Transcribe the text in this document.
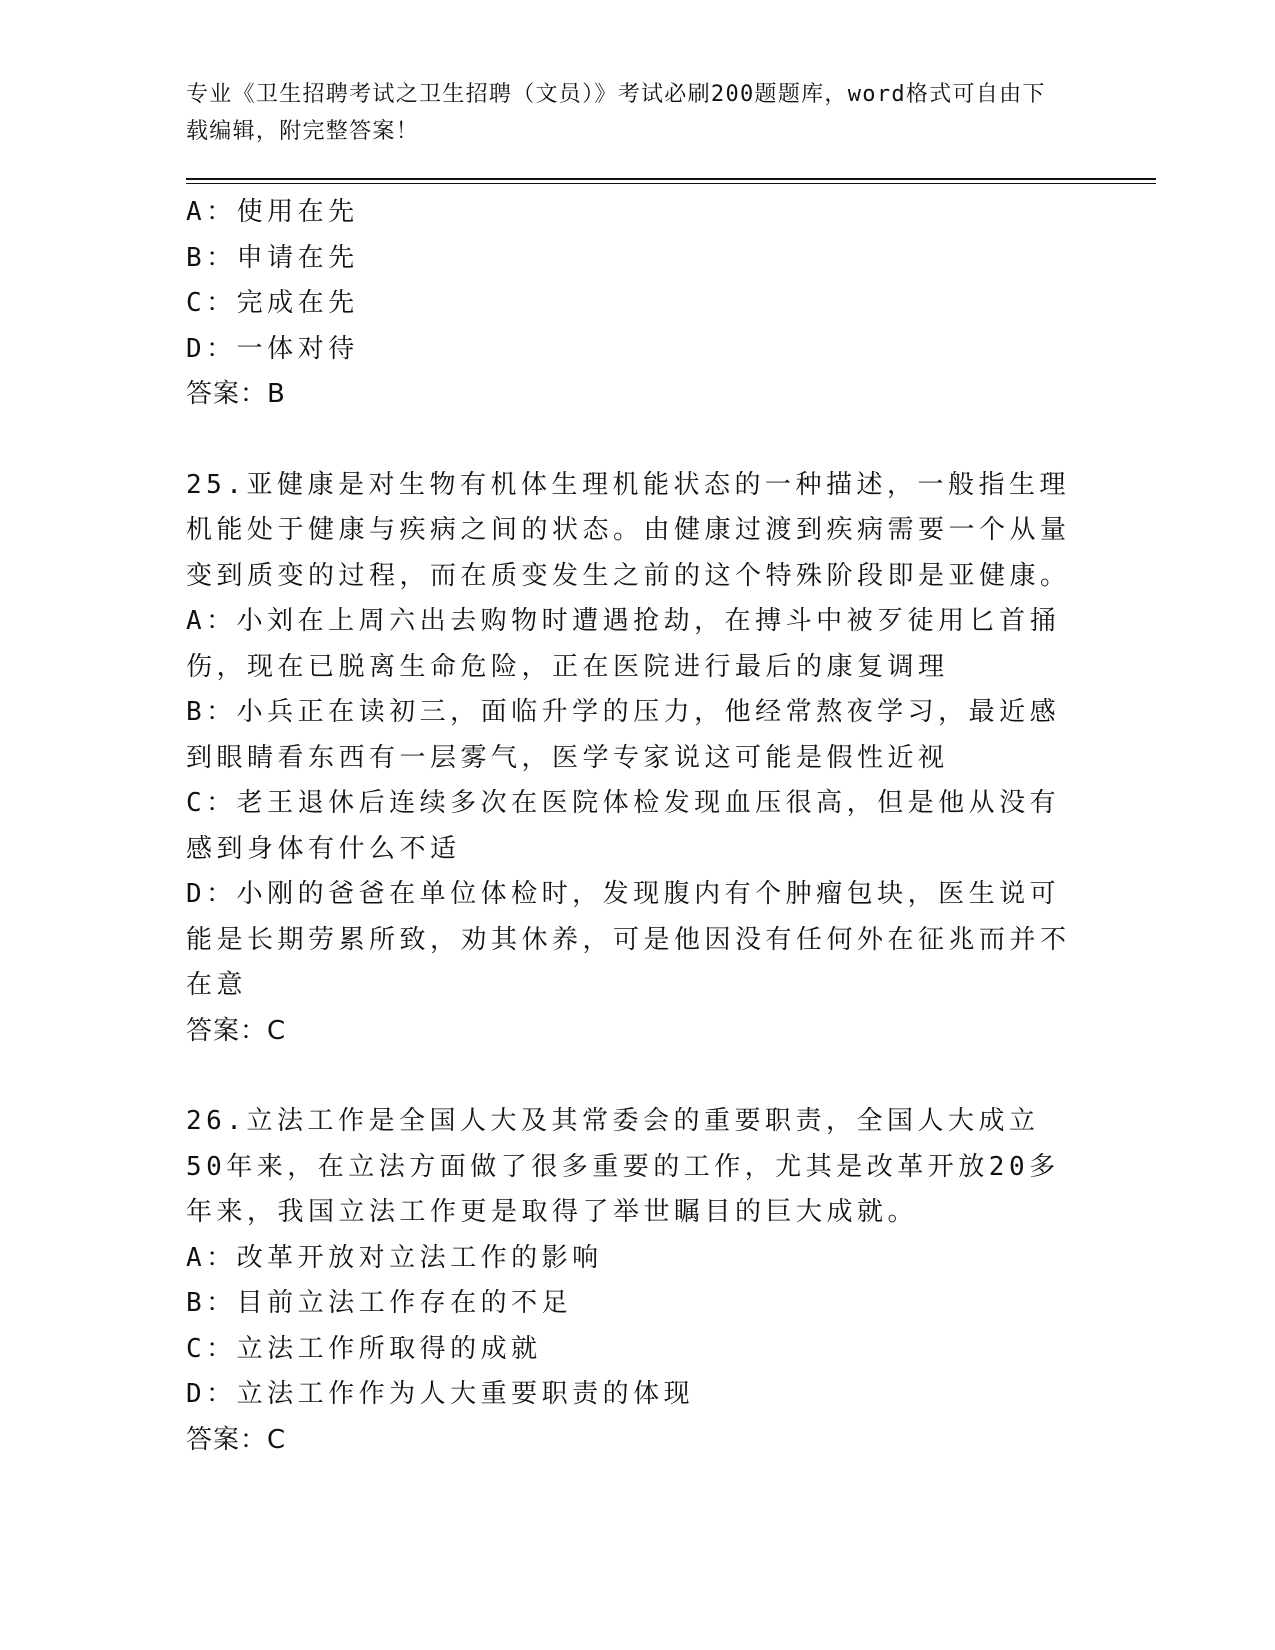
专业《卫生招聘考试之卫生招聘（文员）》考试必刷200题题库，word格式可自由下载编辑，附完整答案！
A：使用在先
B：申请在先
C：完成在先
D：一体对待
答案：B
25.亚健康是对生物有机体生理机能状态的一种描述，一般指生理机能处于健康与疾病之间的状态。由健康过渡到疾病需要一个从量变到质变的过程，而在质变发生之前的这个特殊阶段即是亚健康。
A：小刘在上周六出去购物时遭遇抢劫，在搏斗中被歹徒用匕首捅伤，现在已脱离生命危险，正在医院进行最后的康复调理
B：小兵正在读初三，面临升学的压力，他经常熬夜学习，最近感到眼睛看东西有一层雾气，医学专家说这可能是假性近视
C：老王退休后连续多次在医院体检发现血压很高，但是他从没有感到身体有什么不适
D：小刚的爸爸在单位体检时，发现腹内有个肿瘤包块，医生说可能是长期劳累所致，劝其休养，可是他因没有任何外在征兆而并不在意
答案：C
26.立法工作是全国人大及其常委会的重要职责，全国人大成立50年来，在立法方面做了很多重要的工作，尤其是改革开放20多年来，我国立法工作更是取得了举世瞩目的巨大成就。
A：改革开放对立法工作的影响
B：目前立法工作存在的不足
C：立法工作所取得的成就
D：立法工作作为人大重要职责的体现
答案：C
